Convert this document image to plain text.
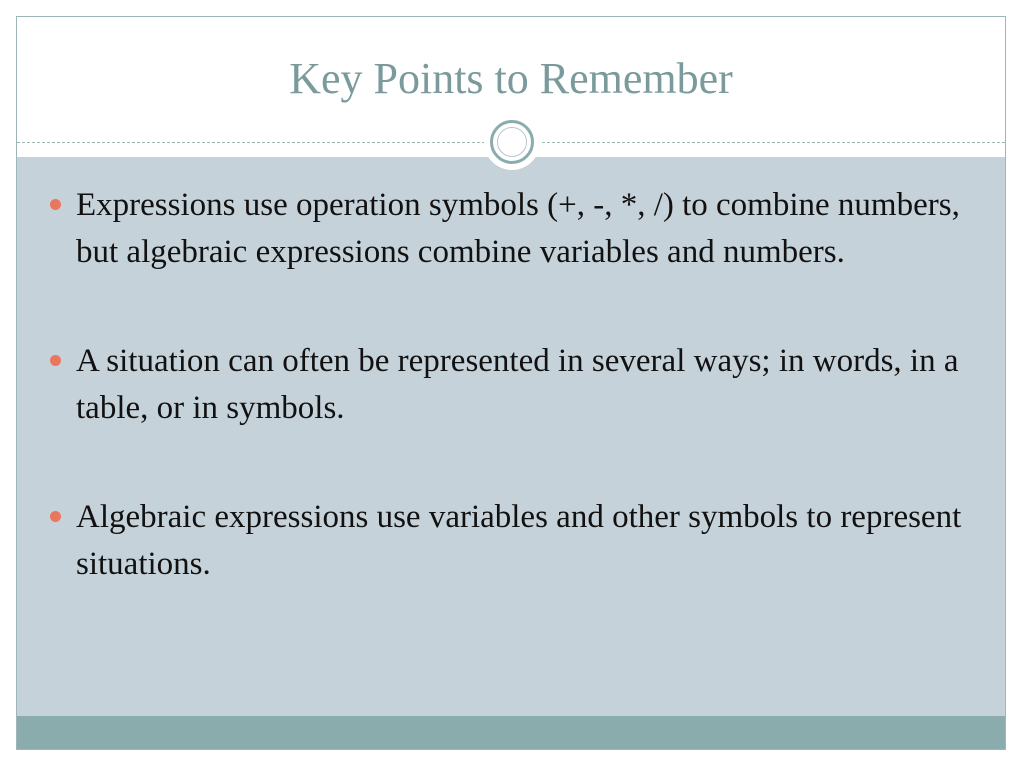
Key Points to Remember
Expressions use operation symbols (+, -, *, /) to combine numbers, but algebraic expressions combine variables and numbers.
A situation can often be represented in several ways; in words, in a table, or in symbols.
Algebraic expressions use variables and other symbols to represent situations.
